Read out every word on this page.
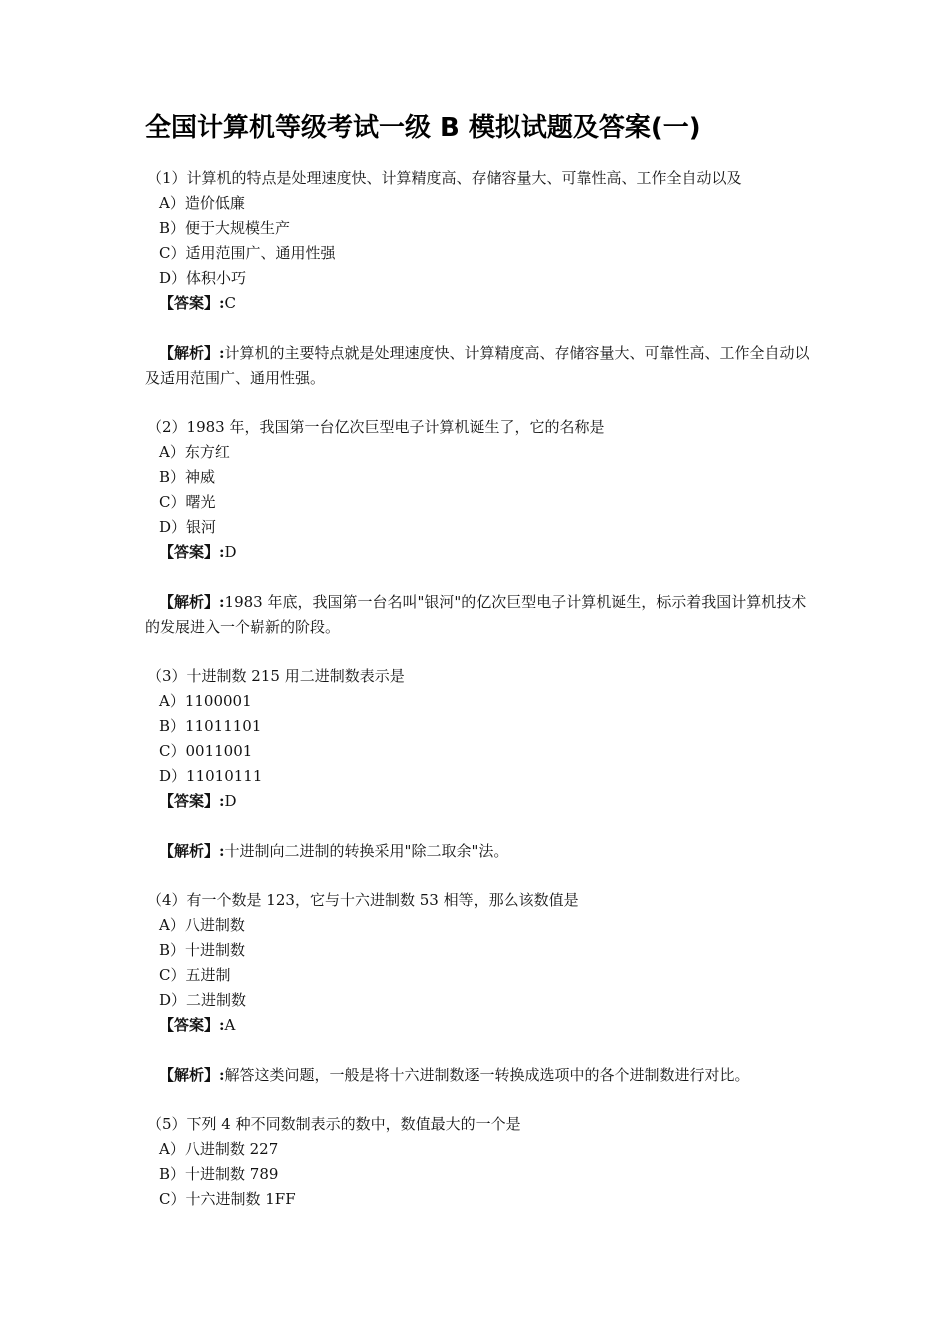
全国计算机等级考试一级 B 模拟试题及答案(一)
（1）计算机的特点是处理速度快、计算精度高、存储容量大、可靠性高、工作全自动以及
A）造价低廉
B）便于大规模生产
C）适用范围广、通用性强
D）体积小巧
【答案】:C
【解析】:计算机的主要特点就是处理速度快、计算精度高、存储容量大、可靠性高、工作全自动以及适用范围广、通用性强。
（2）1983 年，我国第一台亿次巨型电子计算机诞生了，它的名称是
A）东方红
B）神威
C）曙光
D）银河
【答案】:D
【解析】:1983 年底，我国第一台名叫"银河"的亿次巨型电子计算机诞生，标示着我国计算机技术的发展进入一个崭新的阶段。
（3）十进制数 215 用二进制数表示是
A）1100001
B）11011101
C）0011001
D）11010111
【答案】:D
【解析】:十进制向二进制的转换采用"除二取余"法。
（4）有一个数是 123，它与十六进制数 53 相等，那么该数值是
A）八进制数
B）十进制数
C）五进制
D）二进制数
【答案】:A
【解析】:解答这类问题，一般是将十六进制数逐一转换成选项中的各个进制数进行对比。
（5）下列 4 种不同数制表示的数中，数值最大的一个是
A）八进制数 227
B）十进制数 789
C）十六进制数 1FF
